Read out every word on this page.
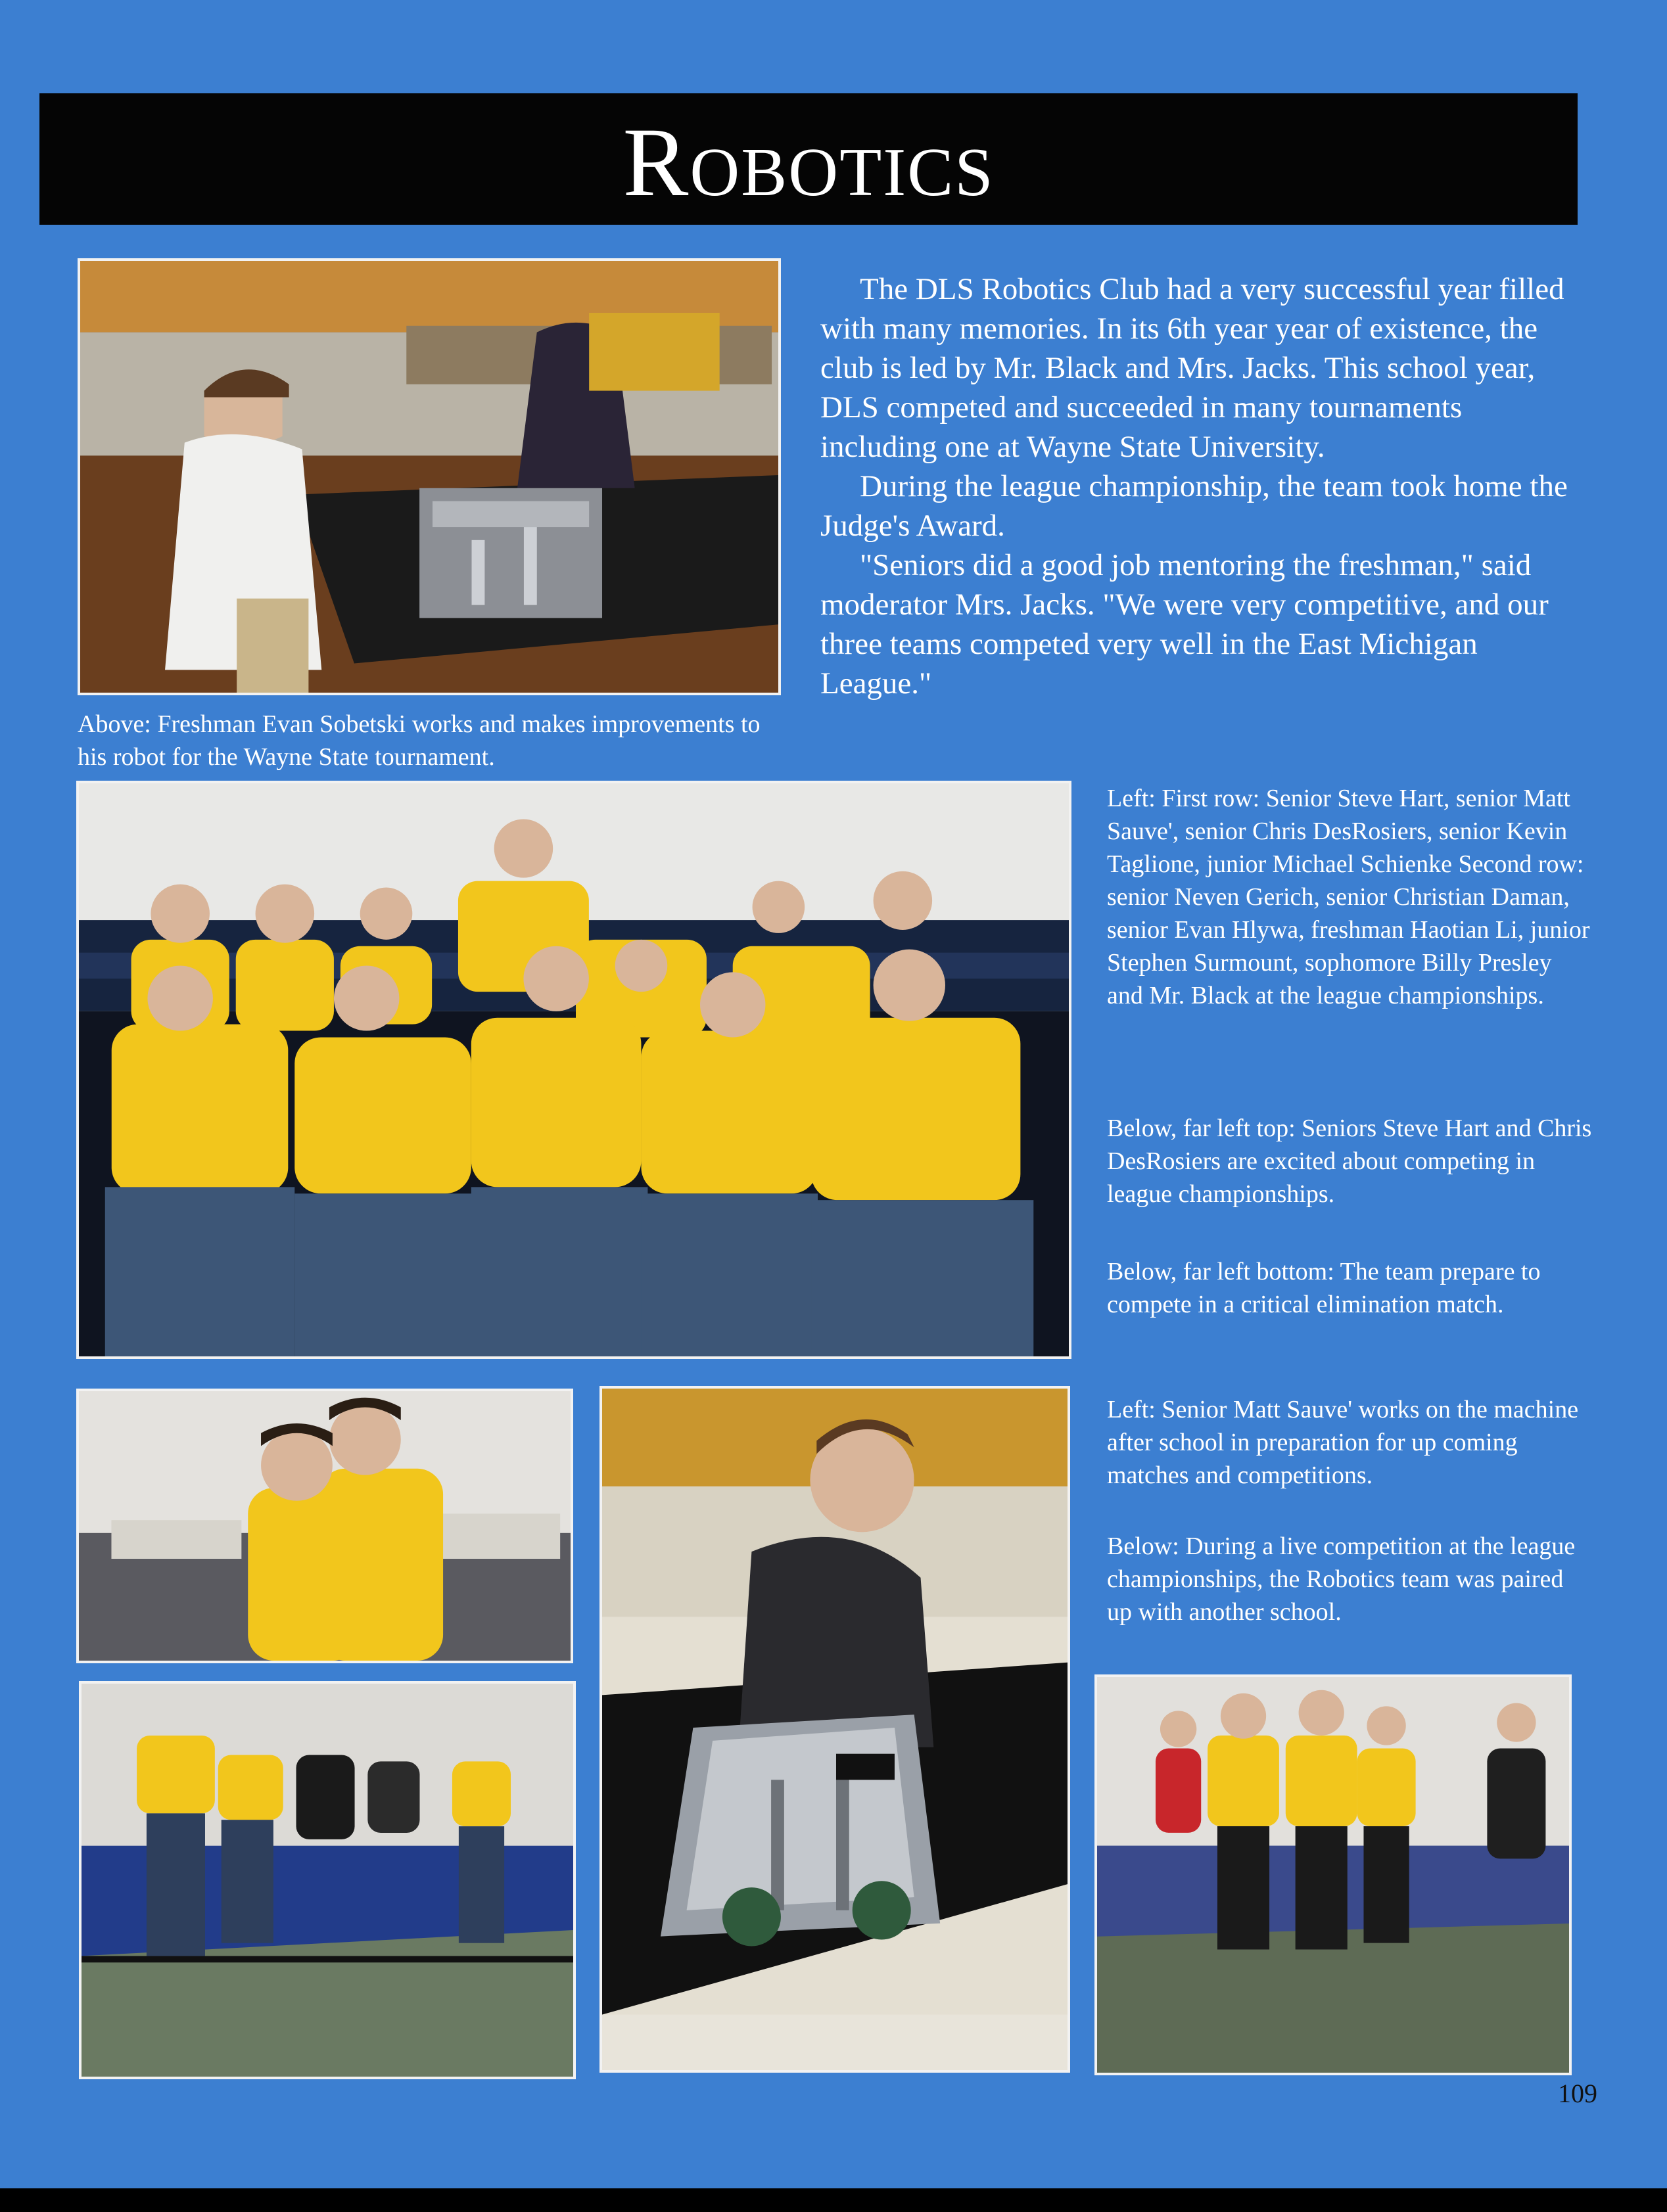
Robotics
Above: Freshman Evan Sobetski works and makes improvements to his robot for the Wayne State tournament.

The DLS Robotics Club had a very successful year filled with many memories. In its 6th year year of existence, the club is led by Mr. Black and Mrs. Jacks. This school year, DLS competed and succeeded in many tournaments including one at Wayne State University.

During the league championship, the team took home the Judge's Award.

"Seniors did a good job mentoring the freshman," said moderator Mrs. Jacks. "We were very competitive, and our three teams competed very well in the East Michigan League."

Left: First row: Senior Steve Hart, senior Matt Sauve', senior Chris DesRosiers, senior Kevin Taglione, junior Michael Schienke Second row: senior Neven Gerich, senior Christian Daman, senior Evan Hlywa, freshman Haotian Li, junior Stephen Surmount, sophomore Billy Presley and Mr. Black at the league championships.
Below, far left top: Seniors Steve Hart and Chris DesRosiers are excited about competing in league championships.
Below, far left bottom: The team prepare to compete in a critical elimination match.
Left: Senior Matt Sauve' works on the machine after school in preparation for up coming matches and competitions.
Below: During a live competition at the league championships, the Robotics team was paired up with another school.
109
